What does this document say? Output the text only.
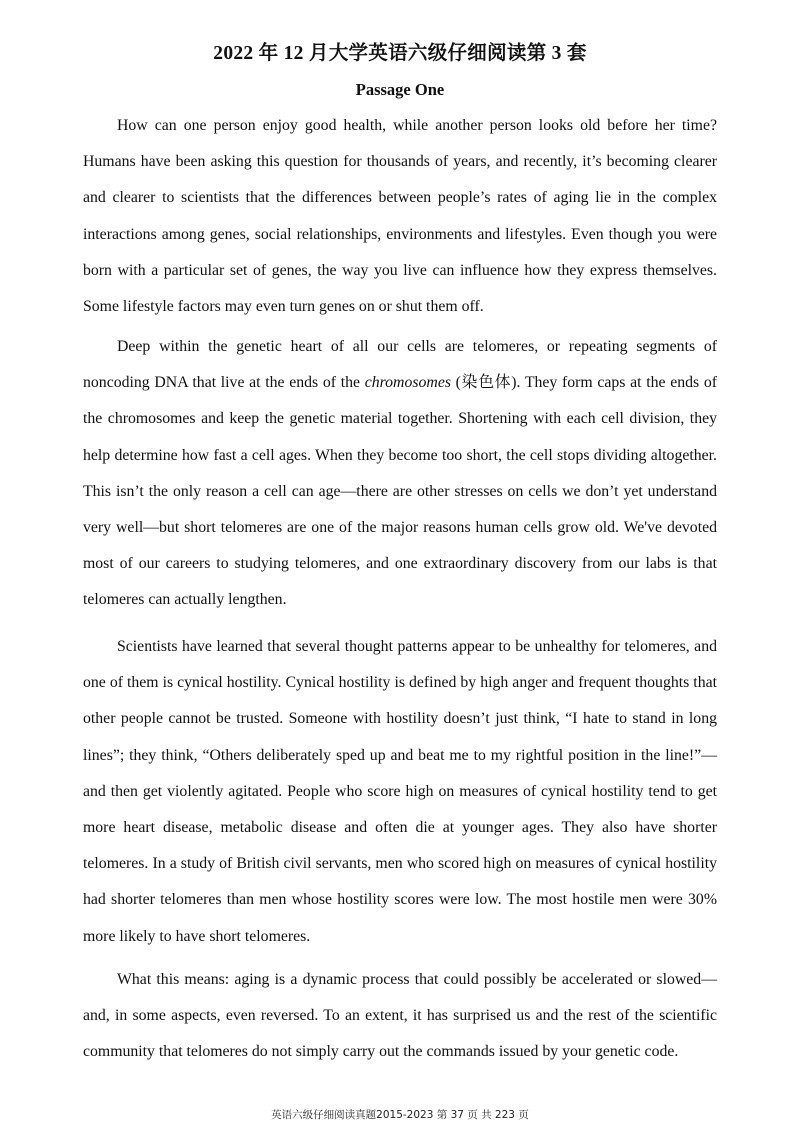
2022 年 12 月大学英语六级仔细阅读第 3 套
Passage One

How can one person enjoy good health, while another person looks old before her time? Humans have been asking this question for thousands of years, and recently, it’s becoming clearer and clearer to scientists that the differences between people’s rates of aging lie in the complex interactions among genes, social relationships, environments and lifestyles. Even though you were born with a particular set of genes, the way you live can influence how they express themselves. Some lifestyle factors may even turn genes on or shut them off.

Deep within the genetic heart of all our cells are telomeres, or repeating segments of noncoding DNA that live at the ends of the chromosomes (染色体). They form caps at the ends of the chromosomes and keep the genetic material together. Shortening with each cell division, they help determine how fast a cell ages. When they become too short, the cell stops dividing altogether. This isn’t the only reason a cell can age—there are other stresses on cells we don’t yet understand very well—but short telomeres are one of the major reasons human cells grow old. We've devoted most of our careers to studying telomeres, and one extraordinary discovery from our labs is that telomeres can actually lengthen.

Scientists have learned that several thought patterns appear to be unhealthy for telomeres, and one of them is cynical hostility. Cynical hostility is defined by high anger and frequent thoughts that other people cannot be trusted. Someone with hostility doesn’t just think, “I hate to stand in long lines”; they think, “Others deliberately sped up and beat me to my rightful position in the line!”—and then get violently agitated. People who score high on measures of cynical hostility tend to get more heart disease, metabolic disease and often die at younger ages. They also have shorter telomeres. In a study of British civil servants, men who scored high on measures of cynical hostility had shorter telomeres than men whose hostility scores were low. The most hostile men were 30% more likely to have short telomeres.

What this means: aging is a dynamic process that could possibly be accelerated or slowed—and, in some aspects, even reversed. To an extent, it has surprised us and the rest of the scientific community that telomeres do not simply carry out the commands issued by your genetic code.

英语六级仔细阅读真题2015-2023 第 37 页 共 223 页
